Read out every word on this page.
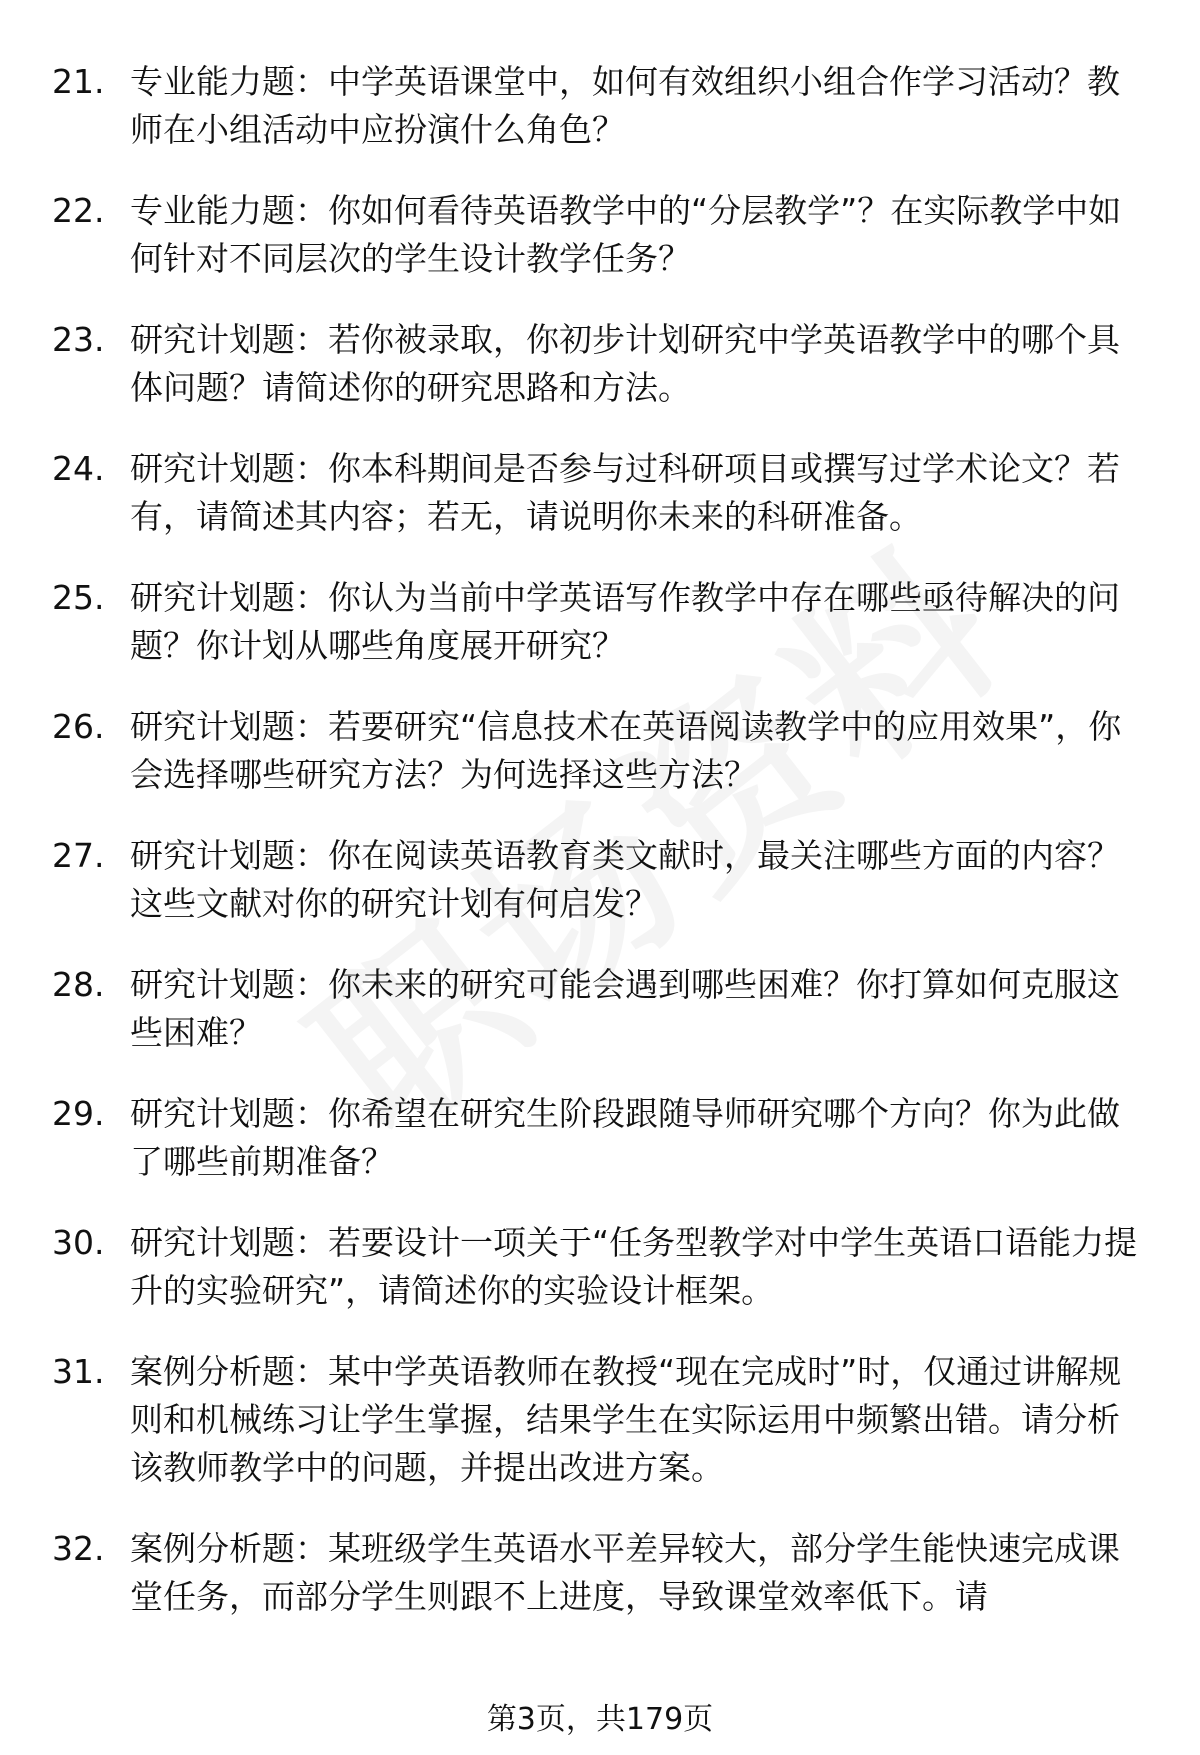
21. 专业能力题：中学英语课堂中，如何有效组织小组合作学习活动？教师在小组活动中应扮演什么角色？
22. 专业能力题：你如何看待英语教学中的“分层教学”？在实际教学中如何针对不同层次的学生设计教学任务？
23. 研究计划题：若你被录取，你初步计划研究中学英语教学中的哪个具体问题？请简述你的研究思路和方法。
24. 研究计划题：你本科期间是否参与过科研项目或撰写过学术论文？若有，请简述其内容；若无，请说明你未来的科研准备。
25. 研究计划题：你认为当前中学英语写作教学中存在哪些亟待解决的问题？你计划从哪些角度展开研究？
26. 研究计划题：若要研究“信息技术在英语阅读教学中的应用效果”，你会选择哪些研究方法？为何选择这些方法？
27. 研究计划题：你在阅读英语教育类文献时，最关注哪些方面的内容？这些文献对你的研究计划有何启发？
28. 研究计划题：你未来的研究可能会遇到哪些困难？你打算如何克服这些困难？
29. 研究计划题：你希望在研究生阶段跟随导师研究哪个方向？你为此做了哪些前期准备？
30. 研究计划题：若要设计一项关于“任务型教学对中学生英语口语能力提升的实验研究”，请简述你的实验设计框架。
31. 案例分析题：某中学英语教师在教授“现在完成时”时，仅通过讲解规则和机械练习让学生掌握，结果学生在实际运用中频繁出错。请分析该教师教学中的问题，并提出改进方案。
32. 案例分析题：某班级学生英语水平差异较大，部分学生能快速完成课堂任务，而部分学生则跟不上进度，导致课堂效率低下。请
第3页，共179页
